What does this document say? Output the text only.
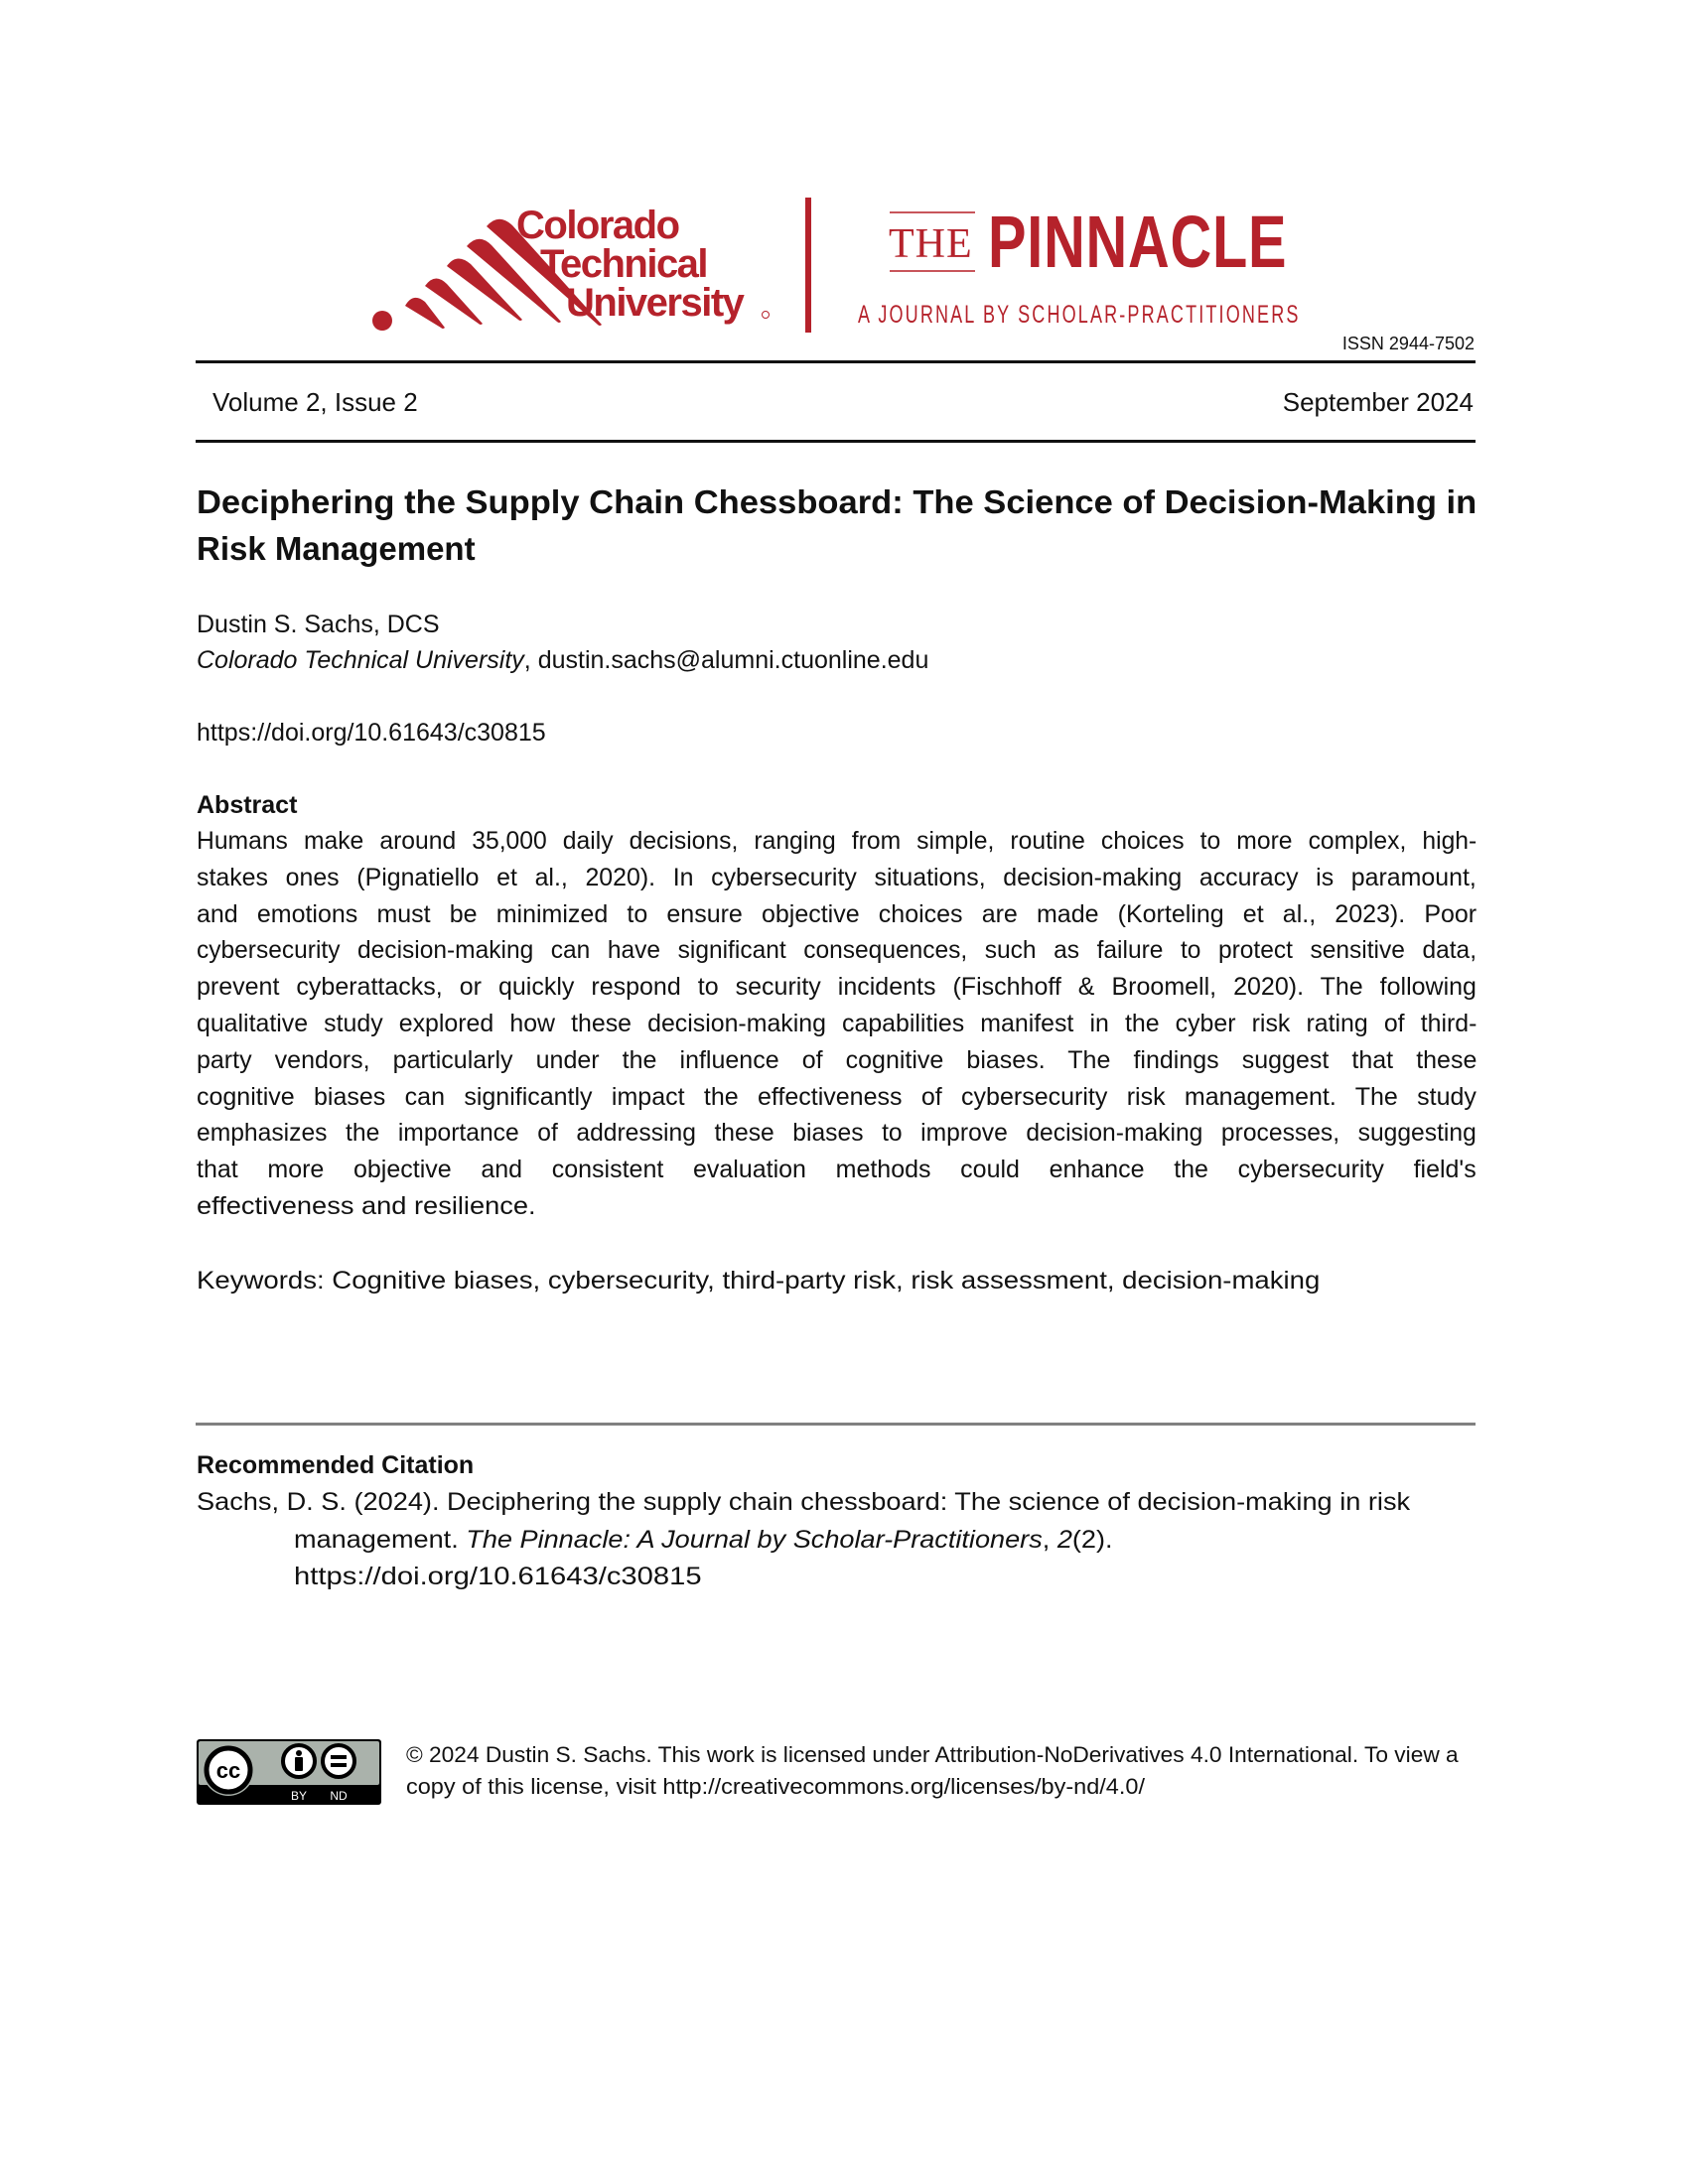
Colorado
Technical
University
THE PINNACLE
A JOURNAL BY SCHOLAR-PRACTITIONERS
ISSN 2944-7502
Volume 2, Issue 2	September 2024
Deciphering the Supply Chain Chessboard: The Science of Decision-Making in
Risk Management
Dustin S. Sachs, DCS
Colorado Technical University, dustin.sachs@alumni.ctuonline.edu
https://doi.org/10.61643/c30815
Abstract
Humans make around 35,000 daily decisions, ranging from simple, routine choices to more complex, high-
stakes ones (Pignatiello et al., 2020). In cybersecurity situations, decision-making accuracy is paramount,
and emotions must be minimized to ensure objective choices are made (Korteling et al., 2023). Poor
cybersecurity decision-making can have significant consequences, such as failure to protect sensitive data,
prevent cyberattacks, or quickly respond to security incidents (Fischhoff & Broomell, 2020). The following
qualitative study explored how these decision-making capabilities manifest in the cyber risk rating of third-
party vendors, particularly under the influence of cognitive biases. The findings suggest that these
cognitive biases can significantly impact the effectiveness of cybersecurity risk management. The study
emphasizes the importance of addressing these biases to improve decision-making processes, suggesting
that more objective and consistent evaluation methods could enhance the cybersecurity field's
effectiveness and resilience.
Keywords: Cognitive biases, cybersecurity, third-party risk, risk assessment, decision-making
Recommended Citation
Sachs, D. S. (2024). Deciphering the supply chain chessboard: The science of decision-making in risk
management. The Pinnacle: A Journal by Scholar-Practitioners, 2(2).
https://doi.org/10.61643/c30815
cc
BY ND
© 2024 Dustin S. Sachs. This work is licensed under Attribution-NoDerivatives 4.0 International. To view a
copy of this license, visit http://creativecommons.org/licenses/by-nd/4.0/
